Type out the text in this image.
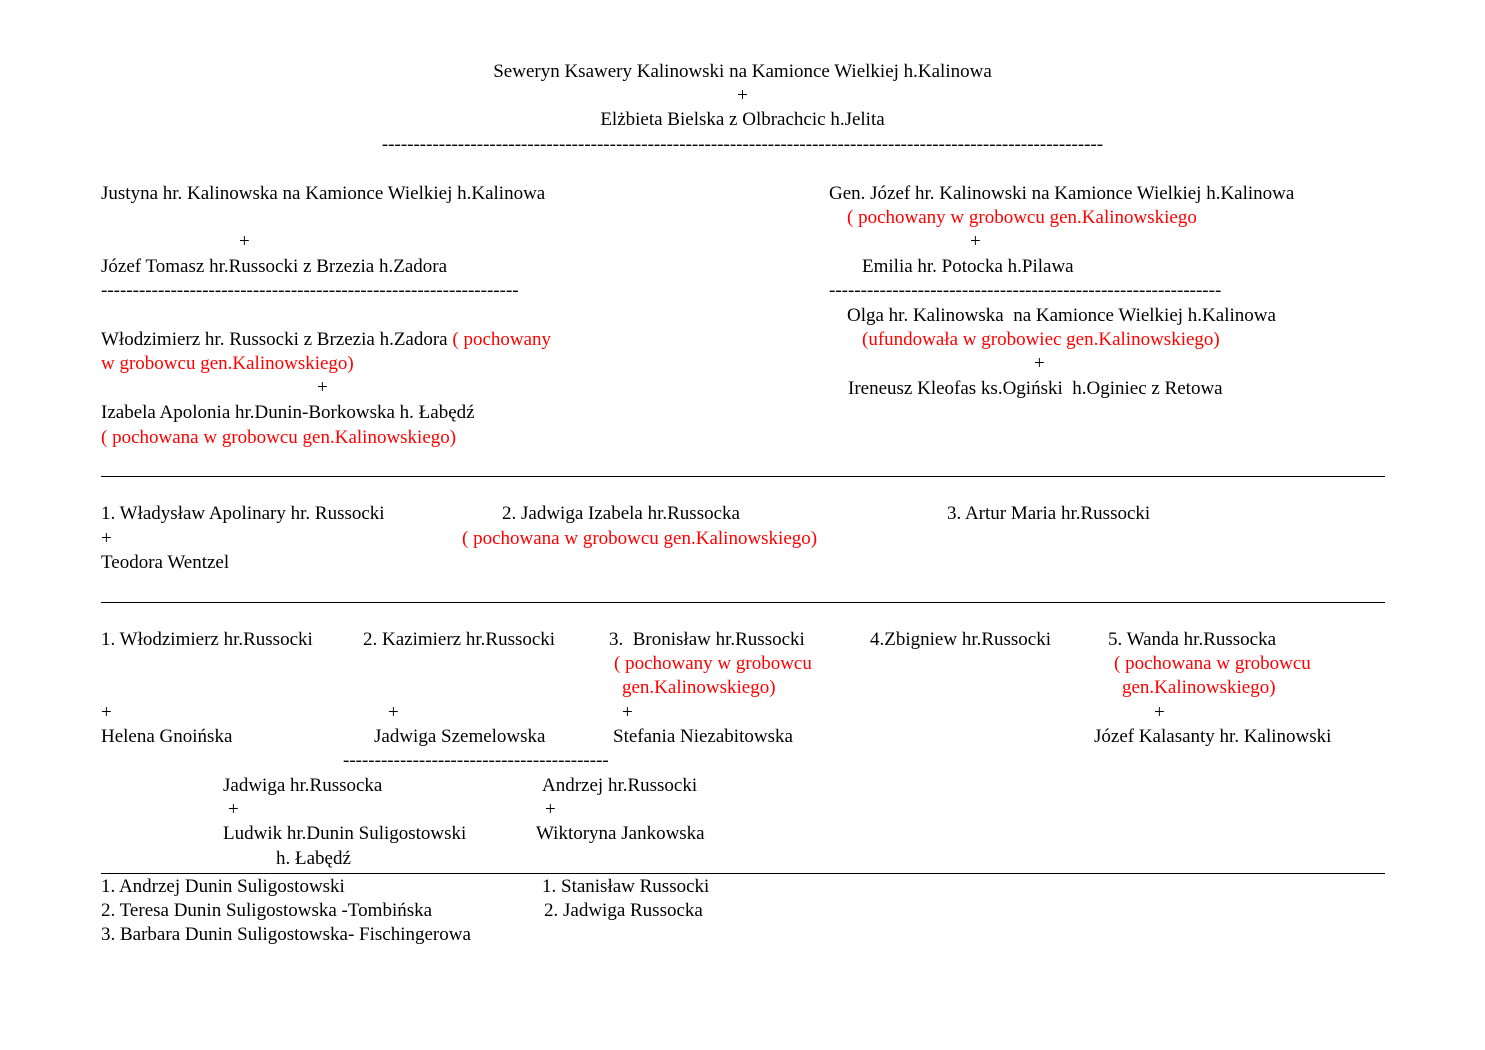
Seweryn Ksawery Kalinowski na Kamionce Wielkiej h.Kalinowa
+
Elżbieta Bielska z Olbrachcic h.Jelita
------------------------------------------------------------------------------------------------------------------
Justyna hr. Kalinowska na Kamionce Wielkiej h.Kalinowa
+
Józef Tomasz hr.Russocki z Brzezia h.Zadora
------------------------------------------------------------------
Włodzimierz hr. Russocki z Brzezia h.Zadora ( pochowany
w grobowcu gen.Kalinowskiego)
+
Izabela Apolonia hr.Dunin-Borkowska h. Łabędź
( pochowana w grobowcu gen.Kalinowskiego)
Gen. Józef hr. Kalinowski na Kamionce Wielkiej h.Kalinowa
( pochowany w grobowcu gen.Kalinowskiego
+
Emilia hr. Potocka h.Pilawa
--------------------------------------------------------------
Olga hr. Kalinowska  na Kamionce Wielkiej h.Kalinowa
(ufundowała w grobowiec gen.Kalinowskiego)
+
Ireneusz Kleofas ks.Ogiński  h.Oginiec z Retowa
1. Władysław Apolinary hr. Russocki
+
Teodora Wentzel
2. Jadwiga Izabela hr.Russocka
( pochowana w grobowcu gen.Kalinowskiego)
3. Artur Maria hr.Russocki
1. Włodzimierz hr.Russocki
+
Helena Gnoińska
2. Kazimierz hr.Russocki
+
Jadwiga Szemelowska
3.  Bronisław hr.Russocki
( pochowany w grobowcu
gen.Kalinowskiego)
+
Stefania Niezabitowska
4.Zbigniew hr.Russocki	5. Wanda hr.Russocka
( pochowana w grobowcu
gen.Kalinowskiego)
+
Józef Kalasanty hr. Kalinowski
------------------------------------------
Jadwiga hr.Russocka
+
Ludwik hr.Dunin Suligostowski
h. Łabędź
Andrzej hr.Russocki
+
Wiktoryna Jankowska
1. Andrzej Dunin Suligostowski
2. Teresa Dunin Suligostowska -Tombińska
3. Barbara Dunin Suligostowska- Fischingerowa
1. Stanisław Russocki
2. Jadwiga Russocka
